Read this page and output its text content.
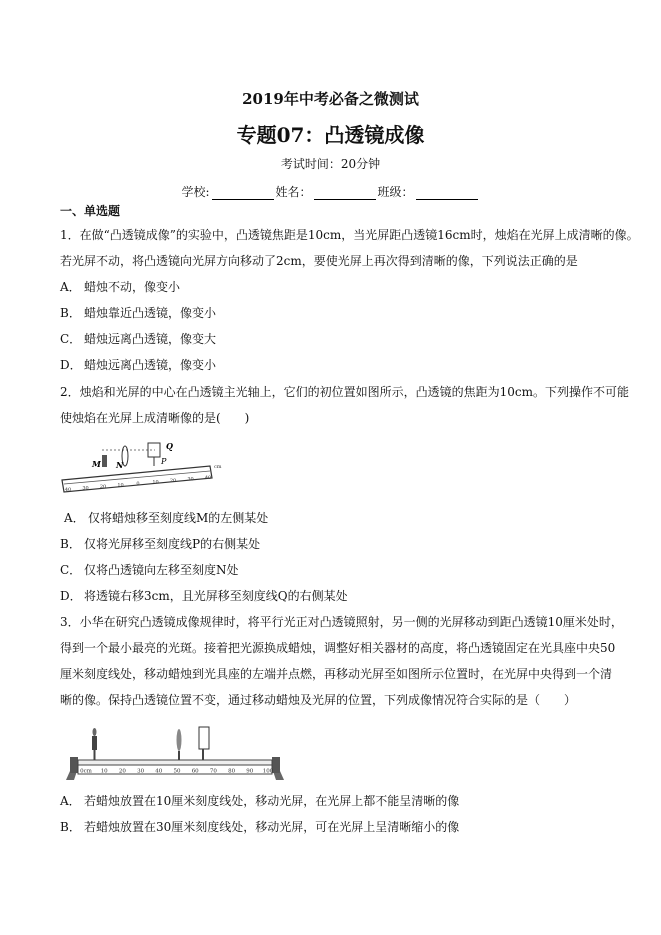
2019年中考必备之微测试
专题07：凸透镜成像
考试时间：20分钟
学校:	姓名：	班级：
一、单选题
1．在做“凸透镜成像”的实验中，凸透镜焦距是10cm，当光屏距凸透镜16cm时，烛焰在光屏上成清晰的像。
若光屏不动，将凸透镜向光屏方向移动了2cm，要使光屏上再次得到清晰的像，下列说法正确的是
A． 蜡烛不动，像变小
B． 蜡烛靠近凸透镜，像变小
C． 蜡烛远离凸透镜，像变大
D． 蜡烛远离凸透镜，像变小
2．烛焰和光屏的中心在凸透镜主光轴上，它们的初位置如图所示，凸透镜的焦距为10cm。下列操作不可能
使烛焰在光屏上成清晰像的是(　　)
M N	P
Q
cm
40 30 20 10	0	10 20 30 40
A． 仅将蜡烛移至刻度线M的左侧某处
B． 仅将光屏移至刻度线P的右侧某处
C． 仅将凸透镜向左移至刻度N处
D． 将透镜右移3cm，且光屏移至刻度线Q的右侧某处
3．小华在研究凸透镜成像规律时，将平行光正对凸透镜照射，另一侧的光屏移动到距凸透镜10厘米处时，
得到一个最小最亮的光斑。接着把光源换成蜡烛，调整好相关器材的高度，将凸透镜固定在光具座中央50
厘米刻度线处，移动蜡烛到光具座的左端并点燃，再移动光屏至如图所示位置时，在光屏中央得到一个清
晰的像。保持凸透镜位置不变，通过移动蜡烛及光屏的位置，下列成像情况符合实际的是（　　）
0cm 10 20 30 40 50 60 70 80 90 100
A． 若蜡烛放置在10厘米刻度线处，移动光屏，在光屏上都不能呈清晰的像
B． 若蜡烛放置在30厘米刻度线处，移动光屏，可在光屏上呈清晰缩小的像
